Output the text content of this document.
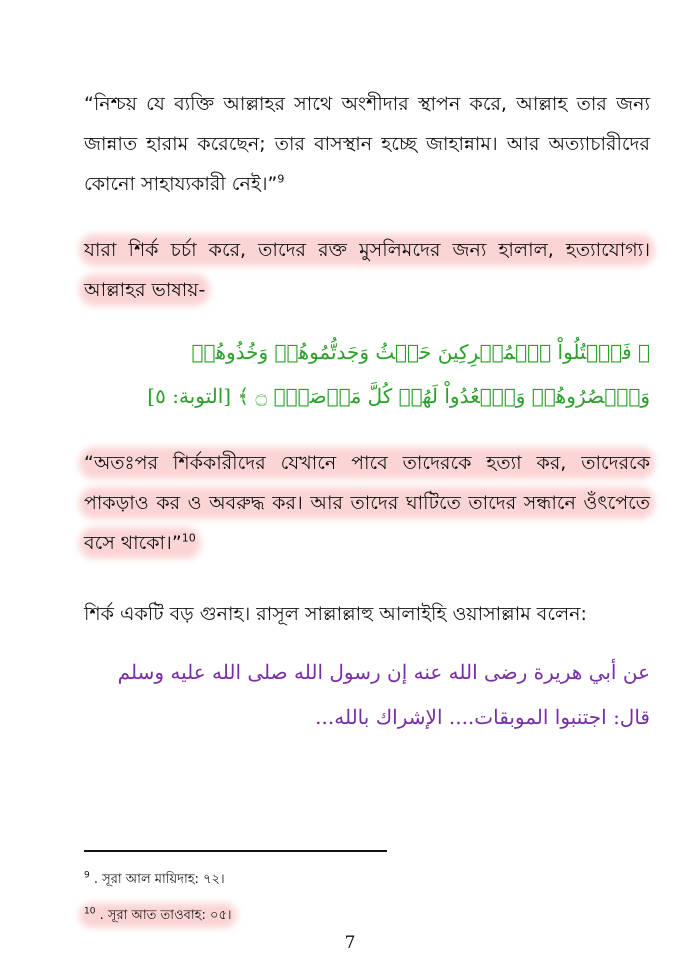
“নিশ্চয় যে ব্যক্তি আল্লাহর সাথে অংশীদার স্থাপন করে, আল্লাহ তার জন্য জান্নাত হারাম করেছেন; তার বাসস্থান হচ্ছে জাহান্নাম। আর অত্যাচারীদের কোনো সাহায্যকারী নেই।”$^9$

যারা শির্ক চর্চা করে, তাদের রক্ত মুসলিমদের জন্য হালাল, হত্যাযোগ্য। আল্লাহর ভাষায়-

﴿ فَٱقۡتُلُواْ ٱلۡمُشۡرِكِينَ حَيۡثُ وَجَدتُّمُوهُمۡ وَخُذُوهُمۡ وَٱحۡصُرُوهُمۡ وَٱقۡعُدُواْ لَهُمۡ كُلَّ مَرۡصَدٖۚ ۝ ﴾ [التوبة: ٥]

“অতঃপর শির্ককারীদের যেখানে পাবে তাদেরকে হত্যা কর, তাদেরকে পাকড়াও কর ও অবরুদ্ধ কর। আর তাদের ঘাটিতে তাদের সন্ধানে ওঁৎপেতে বসে থাকো।”$^{10}$

শির্ক একটি বড় গুনাহ। রাসূল সাল্লাল্লাহু আলাইহি ওয়াসাল্লাম বলেন:

عن أبي هريرة رضى الله عنه إن رسول الله صلى الله عليه وسلم قال: اجتنبوا الموبقات.... الإشراك بالله...

$^9$ . সূরা আল মায়িদাহ: ৭২।
$^{10}$ . সূরা আত তাওবাহ: ০৫।
7
